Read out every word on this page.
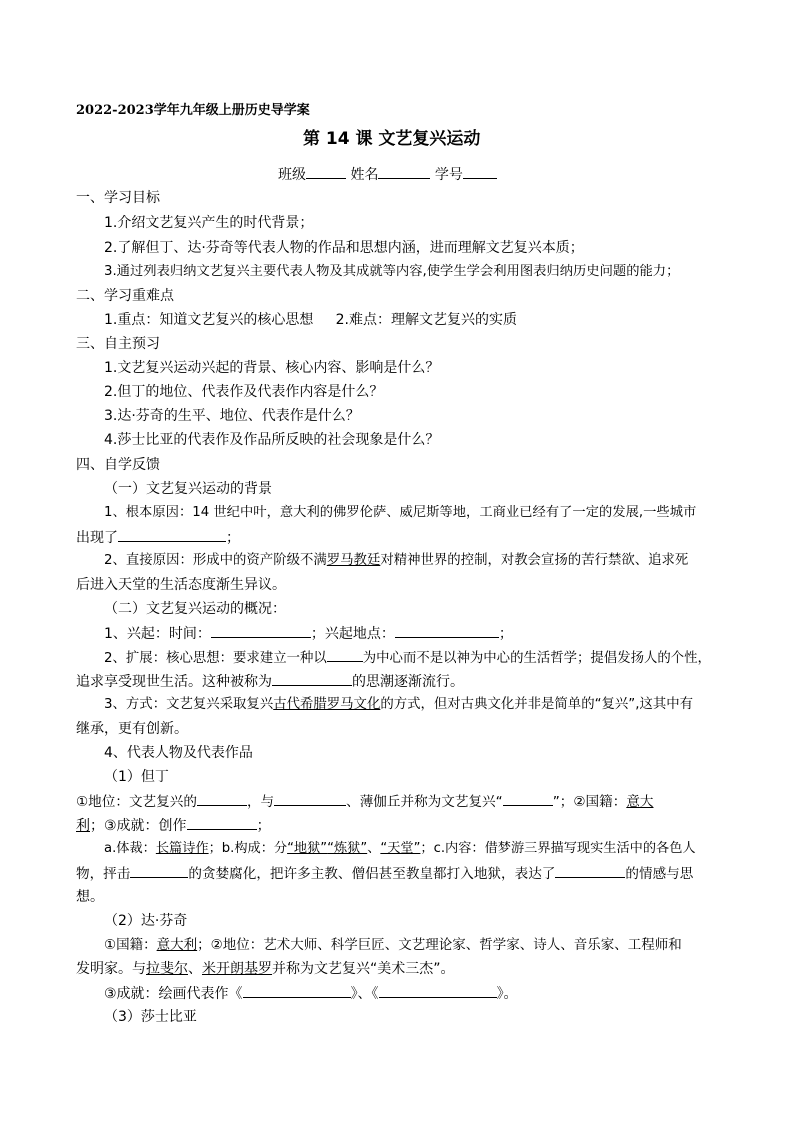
2022-2023学年九年级上册历史导学案
第 14 课 文艺复兴运动
班级	姓名	学号
一、学习目标
1.介绍文艺复兴产生的时代背景；
2.了解但丁、达·芬奇等代表人物的作品和思想内涵，进而理解文艺复兴本质；
3.通过列表归纳文艺复兴主要代表人物及其成就等内容,使学生学会利用图表归纳历史问题的能力；
二、学习重难点
1.重点：知道文艺复兴的核心思想     2.难点：理解文艺复兴的实质
三、自主预习
1.文艺复兴运动兴起的背景、核心内容、影响是什么？
2.但丁的地位、代表作及代表作内容是什么？
3.达·芬奇的生平、地位、代表作是什么？
4.莎士比亚的代表作及作品所反映的社会现象是什么？
四、自学反馈
（一）文艺复兴运动的背景
1、根本原因：14 世纪中叶，意大利的佛罗伦萨、威尼斯等地，工商业已经有了一定的发展,一些城市
出现了	；
2、直接原因：形成中的资产阶级不满罗马教廷对精神世界的控制，对教会宣扬的苦行禁欲、追求死
后进入天堂的生活态度渐生异议。
（二）文艺复兴运动的概况：
1、兴起：时间：	；兴起地点：	；
2、扩展：核心思想：要求建立一种以	为中心而不是以神为中心的生活哲学；提倡发扬人的个性，
追求享受现世生活。这种被称为	的思潮逐渐流行。
3、方式：文艺复兴采取复兴古代希腊罗马文化的方式，但对古典文化并非是简单的“复兴”,这其中有
继承，更有创新。
4、代表人物及代表作品
（1）但丁
①地位：文艺复兴的	，与	、薄伽丘并称为文艺复兴“	”；②国籍：意大
利；③成就：创作	；
a.体裁：长篇诗作；b.构成：分“地狱”“炼狱”、“天堂”；c.内容：借梦游三界描写现实生活中的各色人
物，抨击	的贪婪腐化，把许多主教、僧侣甚至教皇都打入地狱，表达了	的情感与思
想。
（2）达·芬奇
①国籍：意大利；②地位：艺术大师、科学巨匠、文艺理论家、哲学家、诗人、音乐家、工程师和
发明家。与拉斐尔、米开朗基罗并称为文艺复兴“美术三杰”。
③成就：绘画代表作《	》、《	》。
（3）莎士比亚
